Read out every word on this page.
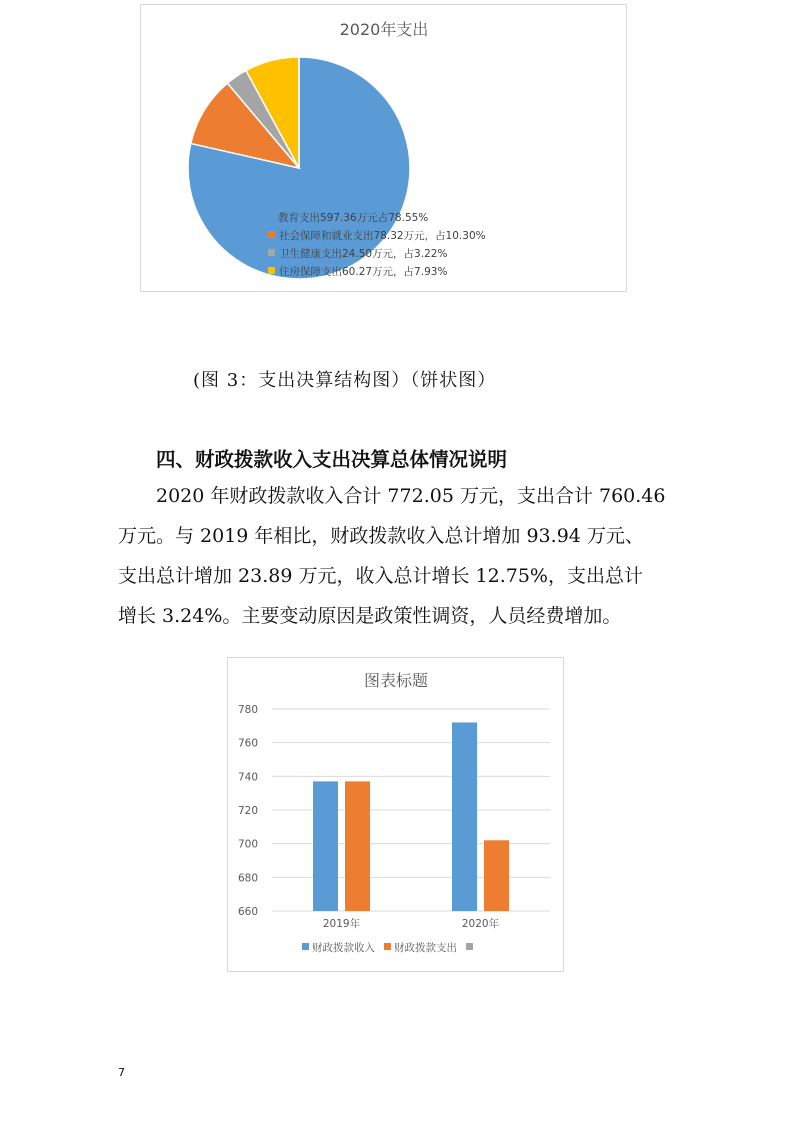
2020年支出
教育支出597.36万元占78.55%
社会保障和就业支出78.32万元，占10.30%
卫生健康支出24.50万元，占3.22%
住房保障支出60.27万元，占7.93%
(图 3：支出决算结构图）（饼状图）
四、财政拨款收入支出决算总体情况说明
　　2020 年财政拨款收入合计 772.05 万元，支出合计 760.46
万元。与 2019 年相比，财政拨款收入总计增加 93.94 万元、
支出总计增加 23.89 万元，收入总计增长 12.75%，支出总计
增长 3.24%。主要变动原因是政策性调资，人员经费增加。
图表标题
660
680
700
720
740
760
780
2019年	2020年
财政拨款收入 财政拨款支出
7
